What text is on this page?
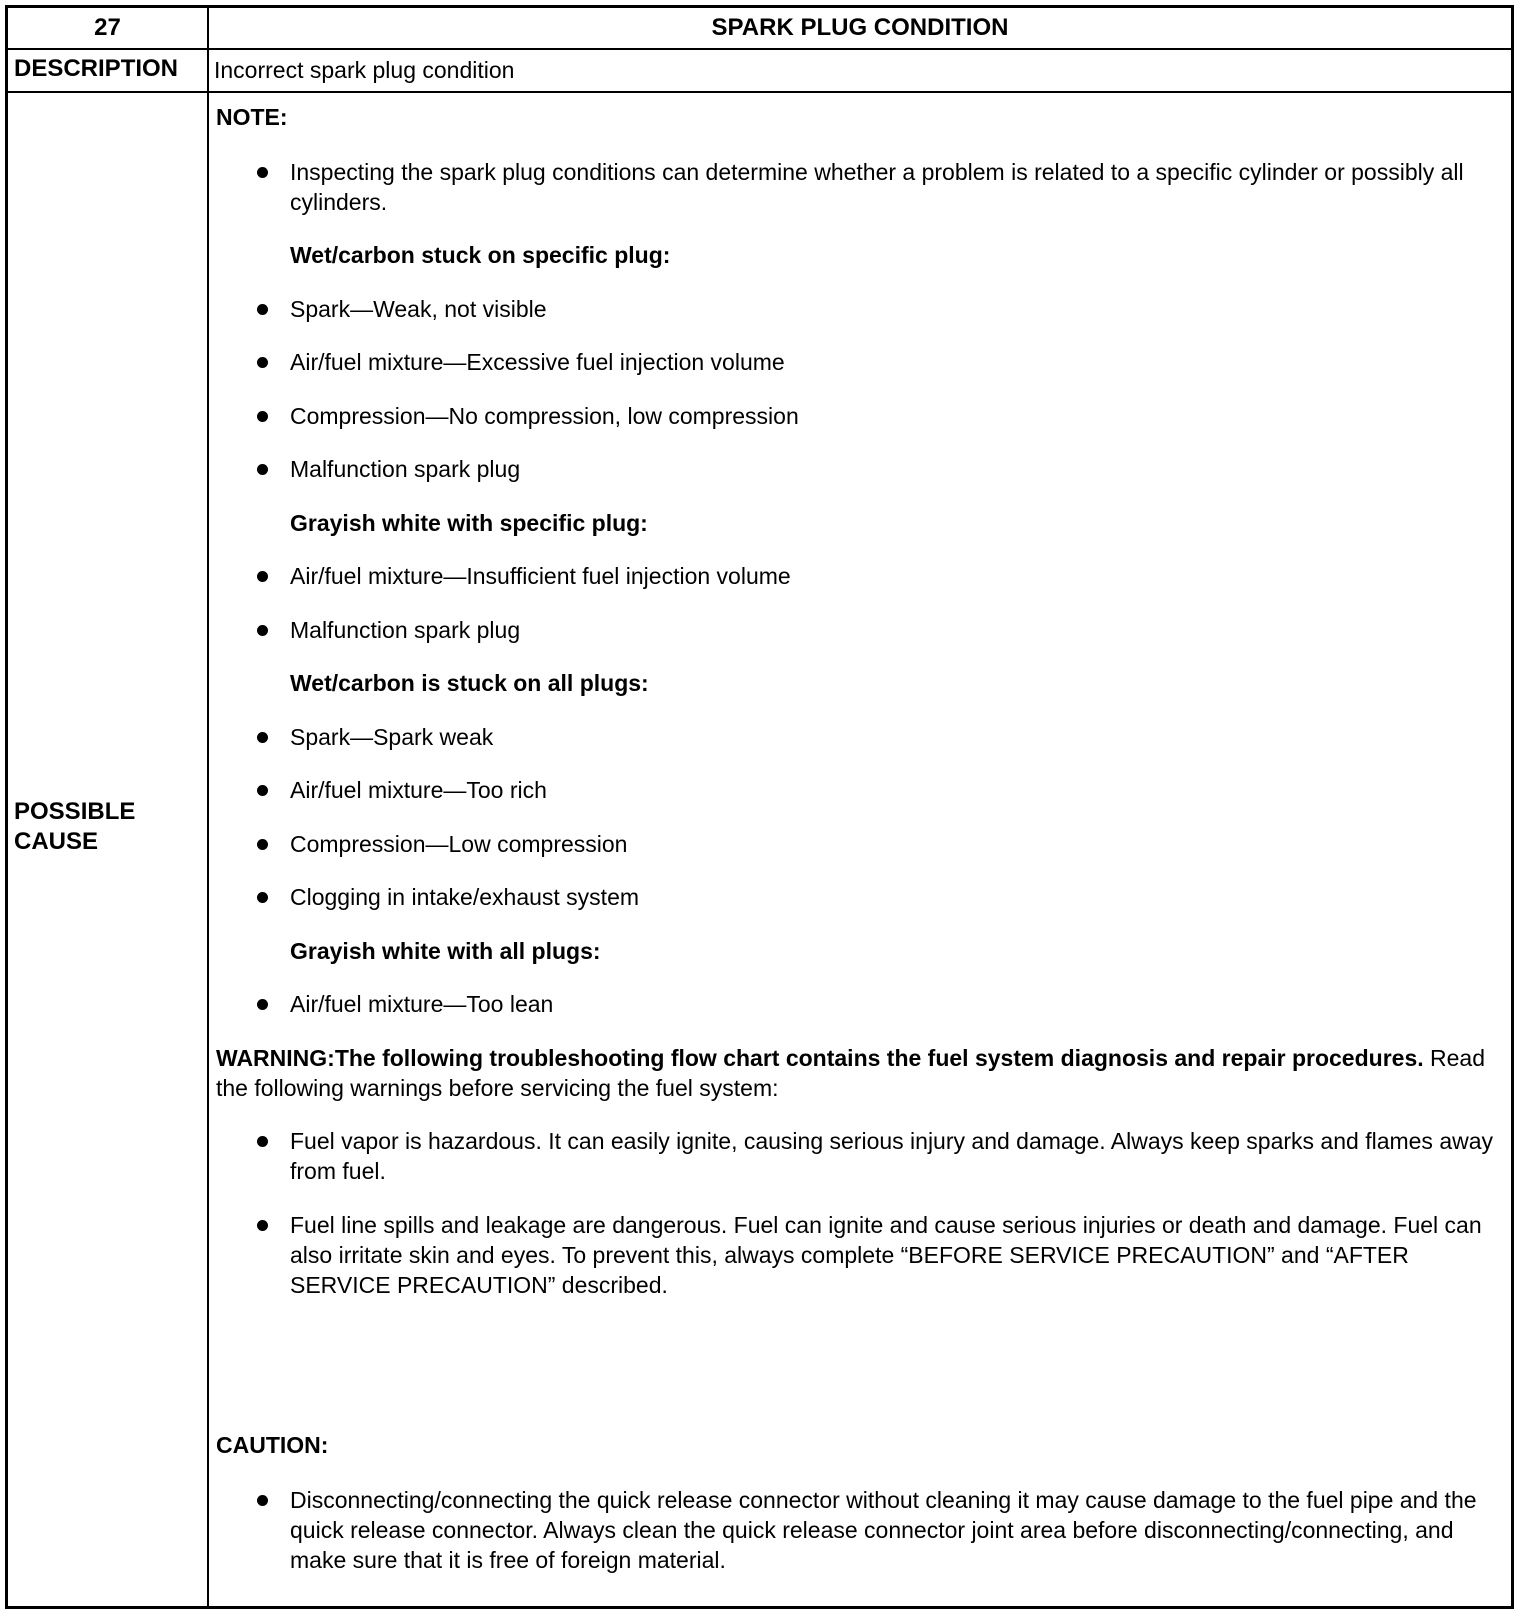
27	SPARK PLUG CONDITION
DESCRIPTION Incorrect spark plug condition
POSSIBLE
CAUSE
NOTE:
Inspecting the spark plug conditions can determine whether a problem is related to a specific cylinder or possibly all cylinders.
Wet/carbon stuck on specific plug:
Spark—Weak, not visible
Air/fuel mixture—Excessive fuel injection volume
Compression—No compression, low compression
Malfunction spark plug
Grayish white with specific plug:
Air/fuel mixture—Insufficient fuel injection volume
Malfunction spark plug
Wet/carbon is stuck on all plugs:
Spark—Spark weak
Air/fuel mixture—Too rich
Compression—Low compression
Clogging in intake/exhaust system
Grayish white with all plugs:
Air/fuel mixture—Too lean
WARNING:The following troubleshooting flow chart contains the fuel system diagnosis and repair procedures. Read the following warnings before servicing the fuel system:
Fuel vapor is hazardous. It can easily ignite, causing serious injury and damage. Always keep sparks and flames away from fuel.
Fuel line spills and leakage are dangerous. Fuel can ignite and cause serious injuries or death and damage. Fuel can also irritate skin and eyes. To prevent this, always complete “BEFORE SERVICE PRECAUTION” and “AFTER SERVICE PRECAUTION” described.
CAUTION:
Disconnecting/connecting the quick release connector without cleaning it may cause damage to the fuel pipe and the quick release connector. Always clean the quick release connector joint area before disconnecting/connecting, and make sure that it is free of foreign material.
